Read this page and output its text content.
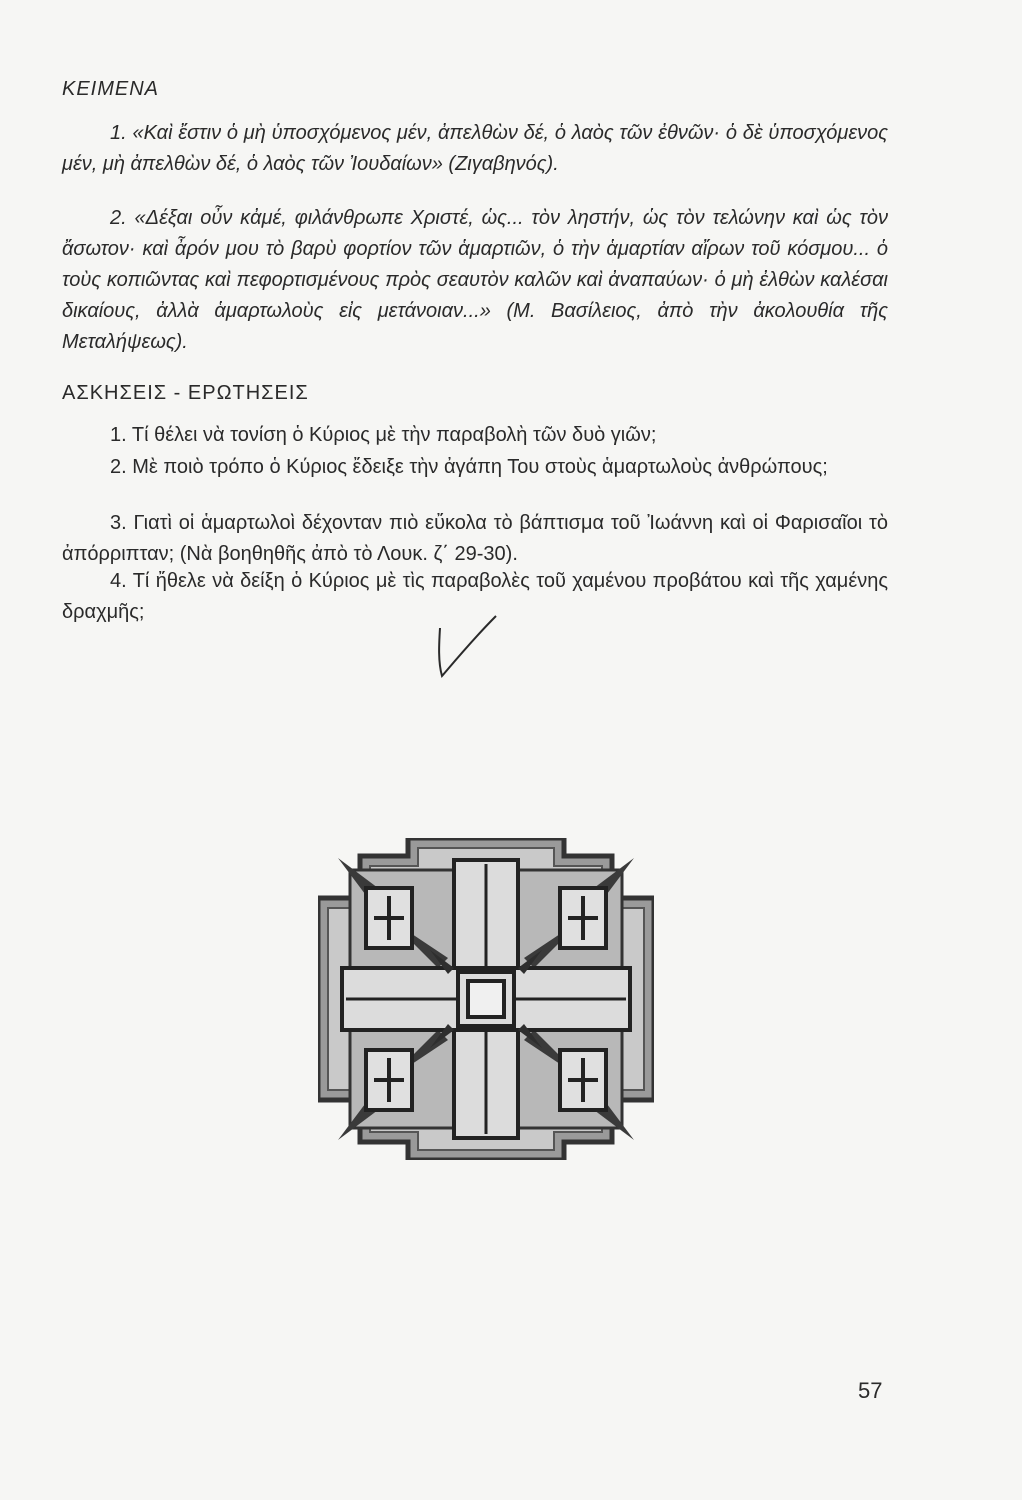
ΚΕΙΜΕΝΑ

1. «Καὶ ἔστιν ὁ μὴ ὑποσχόμενος μέν, ἀπελθὼν δέ, ὁ λαὸς τῶν ἐθνῶν· ὁ δὲ ὑποσχόμενος μέν, μὴ ἀπελθὼν δέ, ὁ λαὸς τῶν Ἰουδαίων» (Ζιγαβηνός).

2. «Δέξαι οὖν κἀμέ, φιλάνθρωπε Χριστέ, ὡς... τὸν ληστήν, ὡς τὸν τελώνην καὶ ὡς τὸν ἄσωτον· καὶ ἆρόν μου τὸ βαρὺ φορτίον τῶν ἁμαρτιῶν, ὁ τὴν ἁμαρτίαν αἴρων τοῦ κόσμου... ὁ τοὺς κοπιῶντας καὶ πεφορτισμένους πρὸς σεαυτὸν καλῶν καὶ ἀναπαύων· ὁ μὴ ἐλθὼν καλέσαι δικαίους, ἀλλὰ ἁμαρτωλοὺς εἰς μετάνοιαν...» (Μ. Βασίλειος, ἀπὸ τὴν ἀκολουθία τῆς Μεταλήψεως).

ΑΣΚΗΣΕΙΣ - ΕΡΩΤΗΣΕΙΣ

1. Τί θέλει νὰ τονίση ὁ Κύριος μὲ τὴν παραβολὴ τῶν δυὸ γιῶν;

2. Μὲ ποιὸ τρόπο ὁ Κύριος ἔδειξε τὴν ἀγάπη Του στοὺς ἁμαρτωλοὺς ἀνθρώπους;

3. Γιατὶ οἱ ἁμαρτωλοὶ δέχονταν πιὸ εὔκολα τὸ βάπτισμα τοῦ Ἰωάννη καὶ οἱ Φαρισαῖοι τὸ ἀπόρριπταν; (Νὰ βοηθηθῆς ἀπὸ τὸ Λουκ. ζ΄ 29-30).

4. Τί ἤθελε νὰ δείξη ὁ Κύριος μὲ τὶς παραβολὲς τοῦ χαμένου προβάτου καὶ τῆς χαμένης δραχμῆς;

57
